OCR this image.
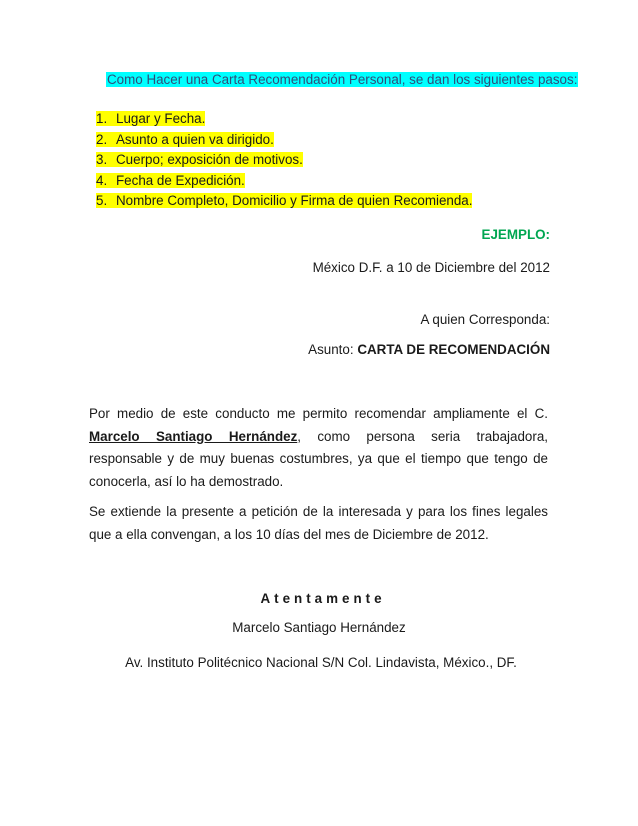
Como Hacer una Carta Recomendación Personal, se dan los siguientes pasos:
1. Lugar y Fecha.
2. Asunto a quien va dirigido.
3. Cuerpo; exposición de motivos.
4. Fecha de Expedición.
5. Nombre Completo, Domicilio y Firma de quien Recomienda.
EJEMPLO:
México D.F. a 10 de Diciembre del 2012
A quien Corresponda:
Asunto: CARTA DE RECOMENDACIÓN

Por medio de este conducto me permito recomendar ampliamente el C. Marcelo Santiago Hernández, como persona seria trabajadora, responsable y de muy buenas costumbres, ya que el tiempo que tengo de conocerla, así lo ha demostrado.

Se extiende la presente a petición de la interesada y para los fines legales que a ella convengan, a los 10 días del mes de Diciembre de 2012.

Atentamente
Marcelo Santiago Hernández
Av. Instituto Politécnico Nacional S/N Col. Lindavista, México., DF.
